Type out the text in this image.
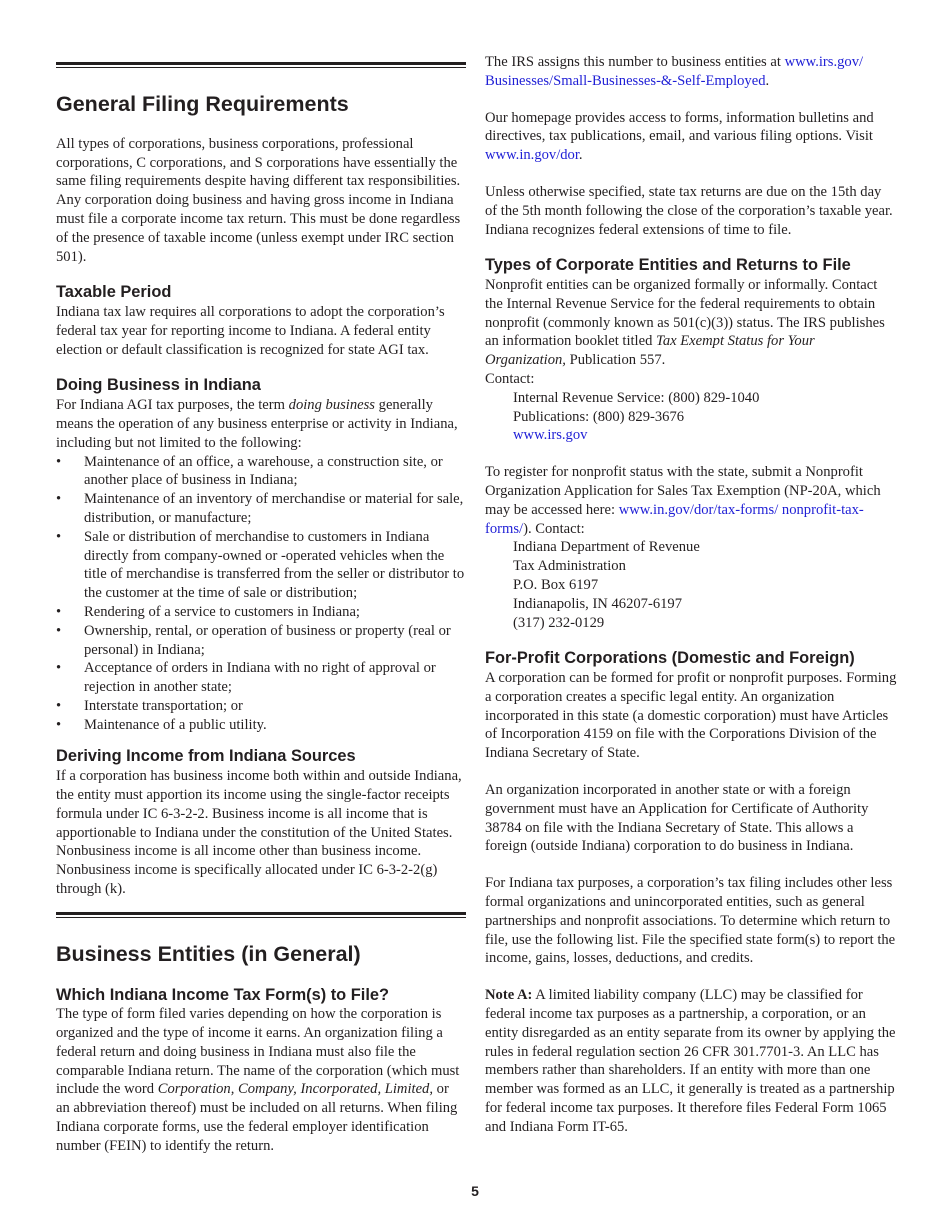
General Filing Requirements

All types of corporations, business corporations, professional corporations, C corporations, and S corporations have essentially the same filing requirements despite having different tax responsibilities. Any corporation doing business and having gross income in Indiana must file a corporate income tax return. This must be done regardless of the presence of taxable income (unless exempt under IRC section 501).

Taxable Period

Indiana tax law requires all corporations to adopt the corporation’s federal tax year for reporting income to Indiana. A federal entity election or default classification is recognized for state AGI tax.

Doing Business in Indiana

For Indiana AGI tax purposes, the term doing business generally means the operation of any business enterprise or activity in Indiana, including but not limited to the following:

• Maintenance of an office, a warehouse, a construction site, or another place of business in Indiana;
• Maintenance of an inventory of merchandise or material for sale, distribution, or manufacture;
• Sale or distribution of merchandise to customers in Indiana directly from company-owned or -operated vehicles when the title of merchandise is transferred from the seller or distributor to the customer at the time of sale or distribution;
• Rendering of a service to customers in Indiana;
• Ownership, rental, or operation of business or property (real or personal) in Indiana;
• Acceptance of orders in Indiana with no right of approval or rejection in another state;
• Interstate transportation; or
• Maintenance of a public utility.
Deriving Income from Indiana Sources

If a corporation has business income both within and outside Indiana, the entity must apportion its income using the single-factor receipts formula under IC 6-3-2-2. Business income is all income that is apportionable to Indiana under the constitution of the United States. Nonbusiness income is all income other than business income. Nonbusiness income is specifically allocated under IC 6-3-2-2(g) through (k).

Business Entities (in General)
Which Indiana Income Tax Form(s) to File?

The type of form filed varies depending on how the corporation is organized and the type of income it earns. An organization filing a federal return and doing business in Indiana must also file the comparable Indiana return. The name of the corporation (which must include the word Corporation, Company, Incorporated, Limited, or an abbreviation thereof) must be included on all returns. When filing Indiana corporate forms, use the federal employer identification number (FEIN) to identify the return.

The IRS assigns this number to business entities at www.irs.gov/ Businesses/Small-Businesses-&-Self-Employed.

Our homepage provides access to forms, information bulletins and directives, tax publications, email, and various filing options. Visit www.in.gov/dor.

Unless otherwise specified, state tax returns are due on the 15th day of the 5th month following the close of the corporation’s taxable year. Indiana recognizes federal extensions of time to file.

Types of Corporate Entities and Returns to File

Nonprofit entities can be organized formally or informally. Contact the Internal Revenue Service for the federal requirements to obtain nonprofit (commonly known as 501(c)(3)) status. The IRS publishes an information booklet titled Tax Exempt Status for Your Organization, Publication 557.

Contact:

Internal Revenue Service: (800) 829-1040
Publications: (800) 829-3676
www.irs.gov

To register for nonprofit status with the state, submit a Nonprofit Organization Application for Sales Tax Exemption (NP-20A, which may be accessed here: www.in.gov/dor/tax-forms/ nonprofit-tax-forms/). Contact:

Indiana Department of Revenue
Tax Administration
P.O. Box 6197
Indianapolis, IN 46207-6197
(317) 232-0129
For-Profit Corporations (Domestic and Foreign)

A corporation can be formed for profit or nonprofit purposes. Forming a corporation creates a specific legal entity. An organization incorporated in this state (a domestic corporation) must have Articles of Incorporation 4159 on file with the Corporations Division of the Indiana Secretary of State.

An organization incorporated in another state or with a foreign government must have an Application for Certificate of Authority 38784 on file with the Indiana Secretary of State. This allows a foreign (outside Indiana) corporation to do business in Indiana.

For Indiana tax purposes, a corporation’s tax filing includes other less formal organizations and unincorporated entities, such as general partnerships and nonprofit associations. To determine which return to file, use the following list. File the specified state form(s) to report the income, gains, losses, deductions, and credits.

Note A: A limited liability company (LLC) may be classified for federal income tax purposes as a partnership, a corporation, or an entity disregarded as an entity separate from its owner by applying the rules in federal regulation section 26 CFR 301.7701-3. An LLC has members rather than shareholders. If an entity with more than one member was formed as an LLC, it generally is treated as a partnership for federal income tax purposes. It therefore files Federal Form 1065 and Indiana Form IT-65.

5
